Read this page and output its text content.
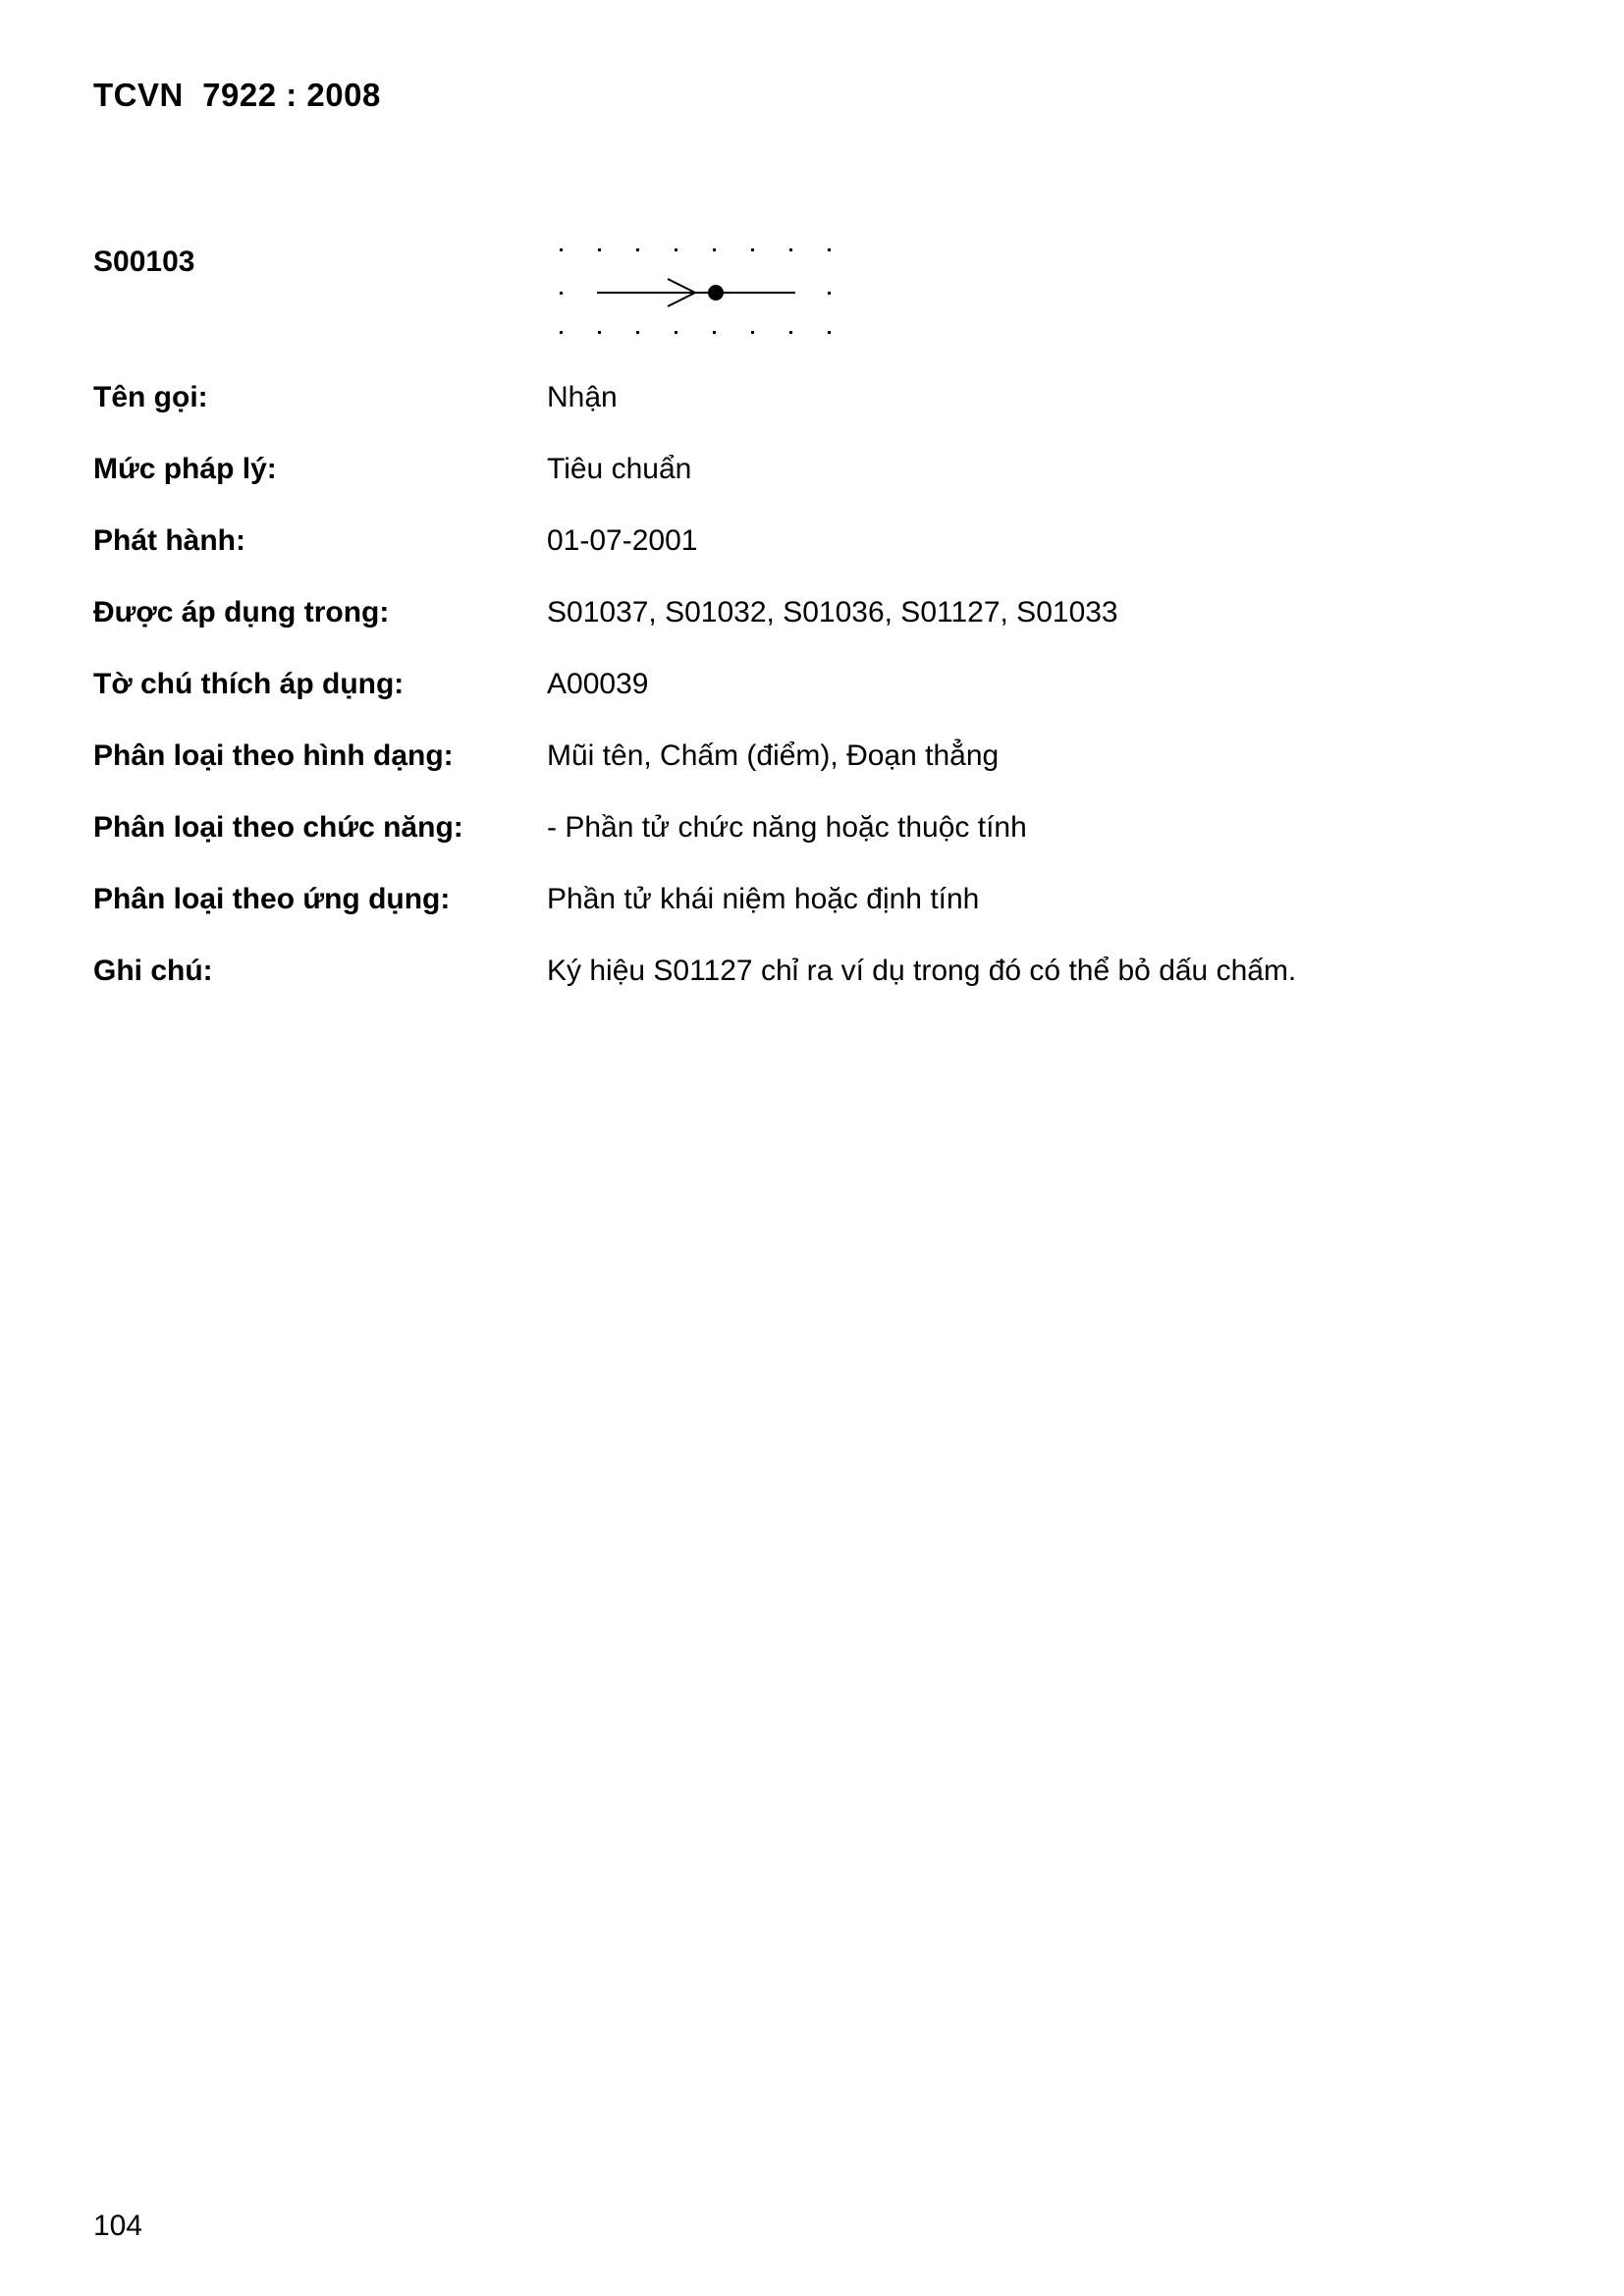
TCVN  7922 : 2008
S00103
Tên gọi:	Nhận
Mức pháp lý:	Tiêu chuẩn
Phát hành:	01-07-2001
Được áp dụng trong:	S01037, S01032, S01036, S01127, S01033
Tờ chú thích áp dụng:	A00039
Phân loại theo hình dạng:	Mũi tên, Chấm (điểm), Đoạn thẳng
Phân loại theo chức năng:	- Phần tử chức năng hoặc thuộc tính
Phân loại theo ứng dụng:	Phần tử khái niệm hoặc định tính
Ghi chú:	Ký hiệu S01127 chỉ ra ví dụ trong đó có thể bỏ dấu chấm.
104
